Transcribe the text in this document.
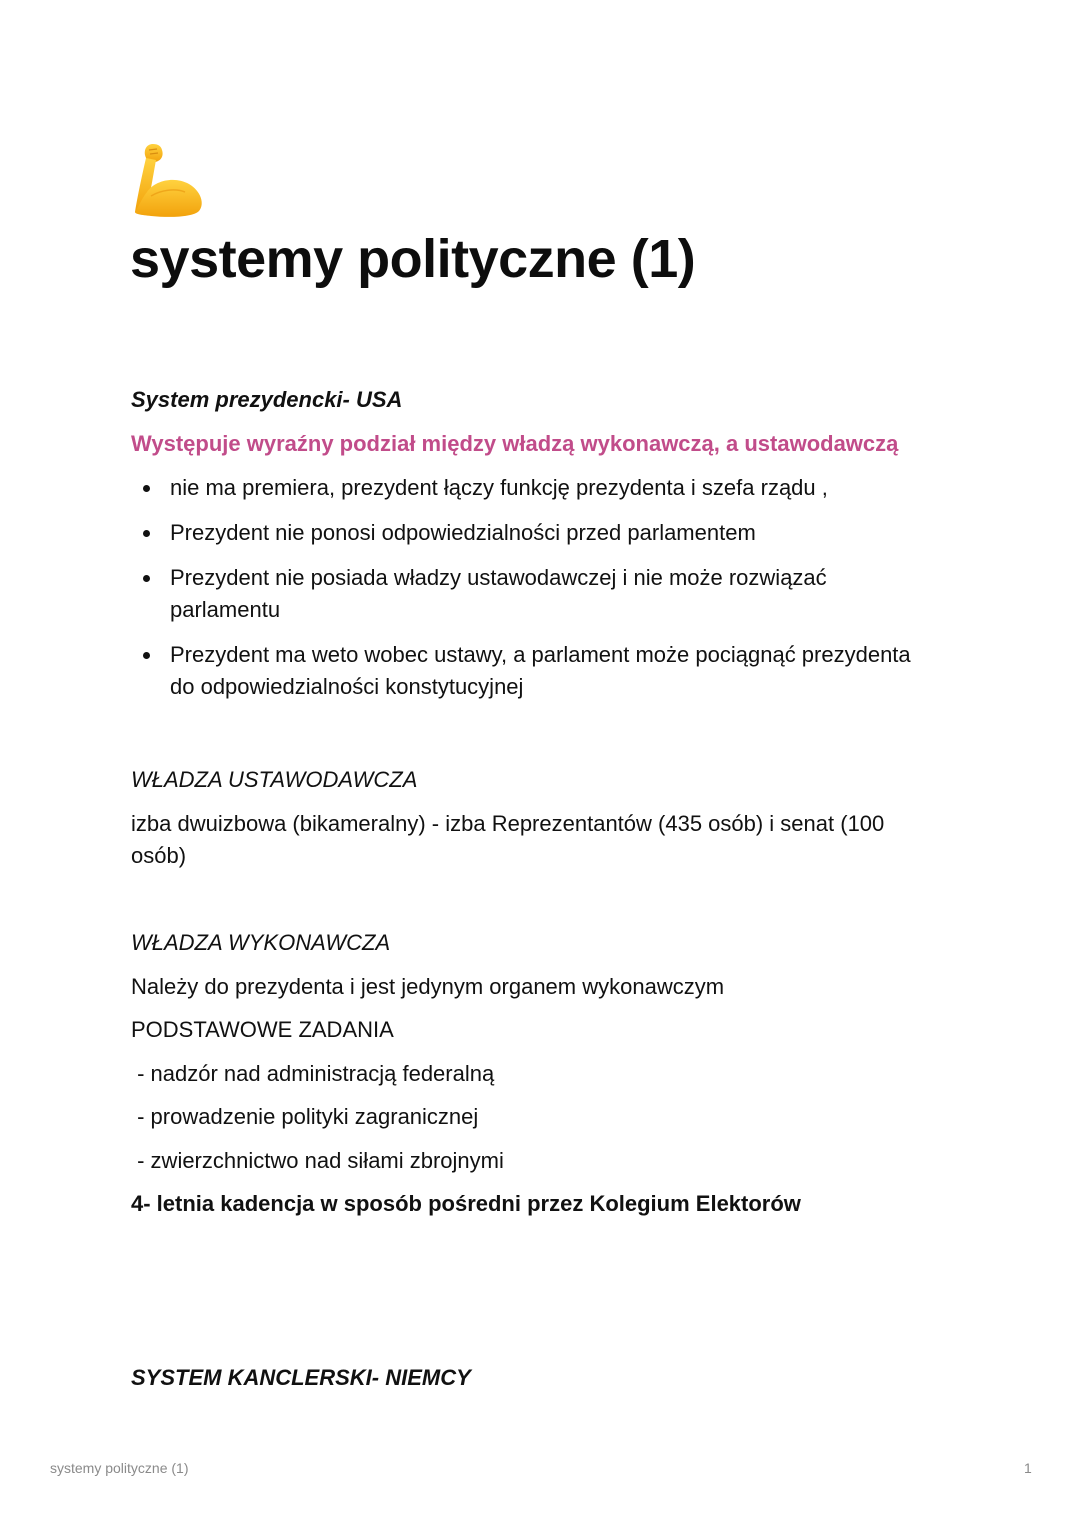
systemy polityczne (1)

System prezydencki- USA

Występuje wyraźny podział między władzą wykonawczą, a ustawodawczą

nie ma premiera, prezydent łączy funkcję prezydenta i szefa rządu ,
Prezydent nie ponosi odpowiedzialności przed parlamentem
Prezydent nie posiada władzy ustawodawczej i nie może rozwiązać parlamentu
Prezydent ma weto wobec ustawy, a parlament może pociągnąć prezydenta do odpowiedzialności konstytucyjnej

WŁADZA USTAWODAWCZA

izba dwuizbowa (bikameralny) - izba Reprezentantów (435 osób) i senat (100

osób)

WŁADZA WYKONAWCZA

Należy do prezydenta i jest jedynym organem wykonawczym

PODSTAWOWE ZADANIA

- nadzór nad administracją federalną

- prowadzenie polityki zagranicznej

- zwierzchnictwo nad siłami zbrojnymi

4- letnia kadencja w sposób pośredni przez Kolegium Elektorów

SYSTEM KANCLERSKI- NIEMCY

systemy polityczne (1)	1
